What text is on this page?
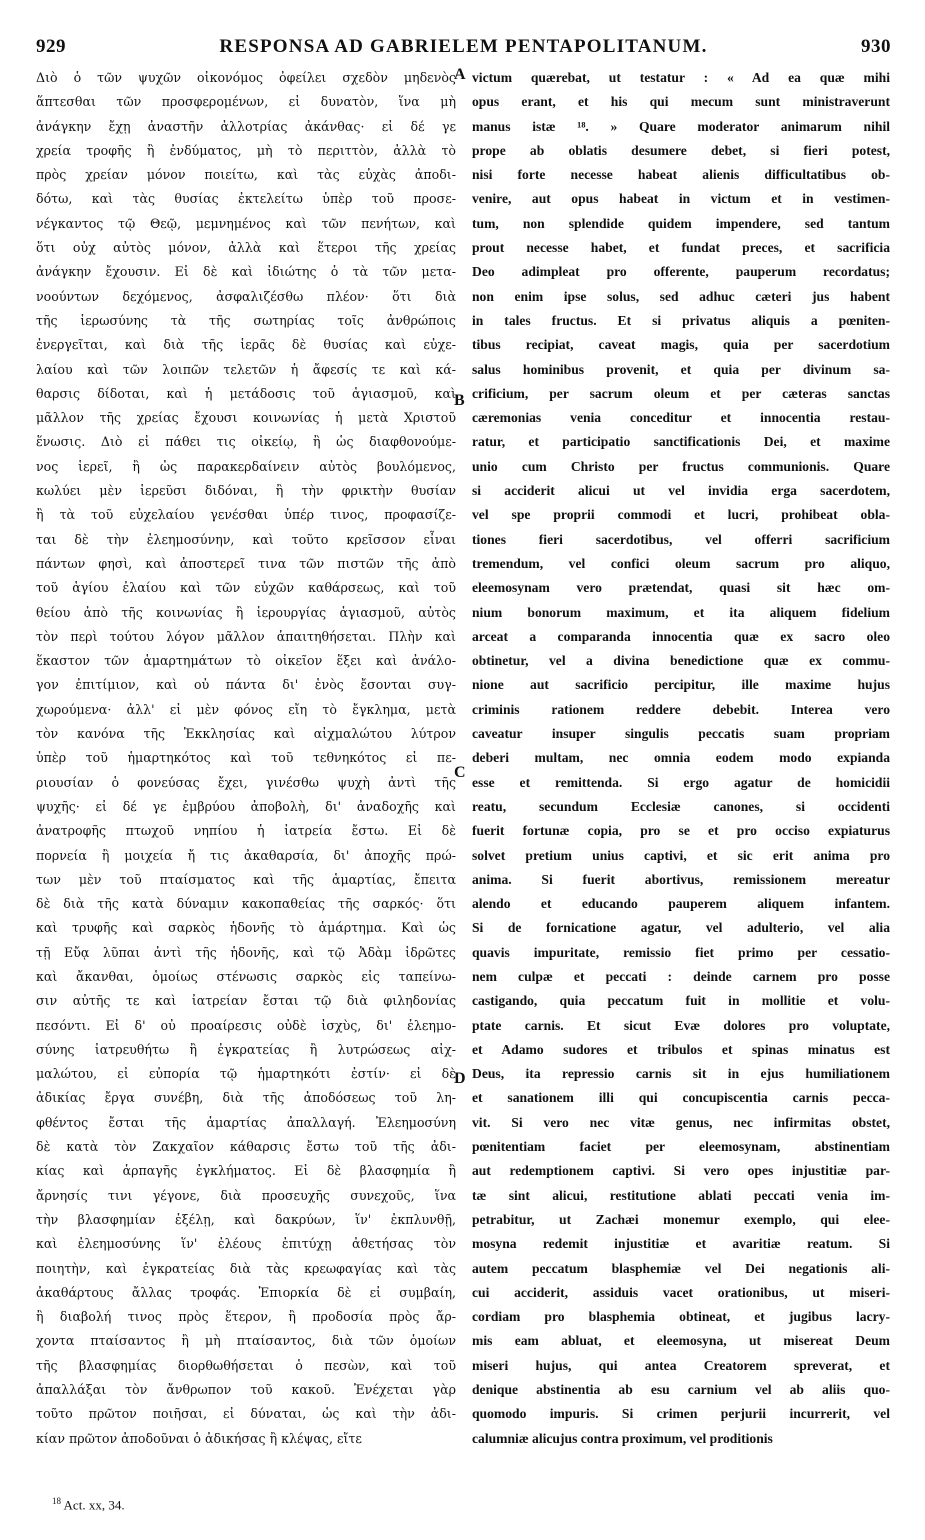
929	RESPONSA AD GABRIELEM PENTAPOLITANUM.	930
Διὸ ὁ τῶν ψυχῶν οἰκονόμος ὀφείλει σχεδὸν μηδενὸς
ἅπτεσθαι τῶν προσφερομένων, εἰ δυνατὸν, ἵνα μὴ
ἀνάγκην ἔχῃ ἀναστῆν ἀλλοτρίας ἀκάνθας· εἰ δέ γε
χρεία τροφῆς ἢ ἐνδύματος, μὴ τὸ περιττὸν, ἀλλὰ τὸ
πρὸς χρείαν μόνον ποιείτω, καὶ τὰς εὐχὰς ἀποδι-
δότω, καὶ τὰς θυσίας ἐκτελείτω ὑπὲρ τοῦ προσε-
νέγκαντος τῷ Θεῷ, μεμνημένος καὶ τῶν πενήτων, καὶ
ὅτι οὐχ αὐτὸς μόνον, ἀλλὰ καὶ ἕτεροι τῆς χρείας
ἀνάγκην ἔχουσιν. Εἰ δὲ καὶ ἰδιώτης ὁ τὰ τῶν μετα-
νοούντων δεχόμενος, ἀσφαλιζέσθω πλέον· ὅτι διὰ
τῆς ἱερωσύνης τὰ τῆς σωτηρίας τοῖς ἀνθρώποις
ἐνεργεῖται, καὶ διὰ τῆς ἱερᾶς δὲ θυσίας καὶ εὐχε-
λαίου καὶ τῶν λοιπῶν τελετῶν ἡ ἄφεσίς τε καὶ κά-
θαρσις δίδοται, καὶ ἡ μετάδοσις τοῦ ἁγιασμοῦ, καὶ
μᾶλλον τῆς χρείας ἔχουσι κοινωνίας ἡ μετὰ Χριστοῦ
ἕνωσις. Διὸ εἰ πάθει τις οἰκείῳ, ἢ ὡς διαφθονούμε-
νος ἱερεῖ, ἢ ὡς παρακερδαίνειν αὐτὸς βουλόμενος,
κωλύει μὲν ἱερεῦσι διδόναι, ἢ τὴν φρικτὴν θυσίαν
ἢ τὰ τοῦ εὐχελαίου γενέσθαι ὑπέρ τινος, προφασίζε-
ται δὲ τὴν ἐλεημοσύνην, καὶ τοῦτο κρεῖσσον εἶναι
πάντων φησὶ, καὶ ἀποστερεῖ τινα τῶν πιστῶν τῆς ἀπὸ
τοῦ ἁγίου ἐλαίου καὶ τῶν εὐχῶν καθάρσεως, καὶ τοῦ
θείου ἀπὸ τῆς κοινωνίας ἢ ἱερουργίας ἁγιασμοῦ, αὐτὸς
τὸν περὶ τούτου λόγον μᾶλλον ἀπαιτηθήσεται. Πλὴν καὶ
ἕκαστον τῶν ἁμαρτημάτων τὸ οἰκεῖον ἕξει καὶ ἀνάλο-
γον ἐπιτίμιον, καὶ οὐ πάντα δι' ἑνὸς ἔσονται συγ-
χωρούμενα· ἀλλ' εἰ μὲν φόνος εἴη τὸ ἔγκλημα, μετὰ
τὸν κανόνα τῆς Ἐκκλησίας καὶ αἰχμαλώτου λύτρον
ὑπὲρ τοῦ ἡμαρτηκότος καὶ τοῦ τεθνηκότος εἰ πε-
ριουσίαν ὁ φονεύσας ἔχει, γινέσθω ψυχὴ ἀντὶ τῆς
ψυχῆς· εἰ δέ γε ἐμβρύου ἀποβολὴ, δι' ἀναδοχῆς καὶ
ἀνατροφῆς πτωχοῦ νηπίου ἡ ἰατρεία ἔστω. Εἰ δὲ
πορνεία ἢ μοιχεία ἤ τις ἀκαθαρσία, δι' ἀποχῆς πρώ-
των μὲν τοῦ πταίσματος καὶ τῆς ἁμαρτίας, ἔπειτα
δὲ διὰ τῆς κατὰ δύναμιν κακοπαθείας τῆς σαρκός· ὅτι
καὶ τρυφῆς καὶ σαρκὸς ἡδονῆς τὸ ἁμάρτημα. Καὶ ὡς
τῇ Εὔᾳ λῦπαι ἀντὶ τῆς ἡδονῆς, καὶ τῷ Ἀδὰμ ἱδρῶτες
καὶ ἄκανθαι, ὁμοίως στένωσις σαρκὸς εἰς ταπείνω-
σιν αὐτῆς τε καὶ ἰατρείαν ἔσται τῷ διὰ φιληδονίας
πεσόντι. Εἰ δ' οὐ προαίρεσις οὐδὲ ἰσχὺς, δι' ἐλεημο-
σύνης ἰατρευθήτω ἢ ἐγκρατείας ἢ λυτρώσεως αἰχ-
μαλώτου, εἰ εὐπορία τῷ ἡμαρτηκότι ἐστίν· εἰ δὲ
ἀδικίας ἔργα συνέβη, διὰ τῆς ἀποδόσεως τοῦ λη-
φθέντος ἔσται τῆς ἁμαρτίας ἀπαλλαγή. Ἐλεημοσύνη
δὲ κατὰ τὸν Ζακχαῖον κάθαρσις ἔστω τοῦ τῆς ἀδι-
κίας καὶ ἁρπαγῆς ἐγκλήματος. Εἰ δὲ βλασφημία ἢ
ἄρνησίς τινι γέγονε, διὰ προσευχῆς συνεχοῦς, ἵνα
τὴν βλασφημίαν ἐξέλῃ, καὶ δακρύων, ἵν' ἐκπλυνθῇ,
καὶ ἐλεημοσύνης ἵν' ἐλέους ἐπιτύχῃ ἀθετήσας τὸν
ποιητὴν, καὶ ἐγκρατείας διὰ τὰς κρεωφαγίας καὶ τὰς
ἀκαθάρτους ἄλλας τροφάς. Ἐπιορκία δὲ εἰ συμβαίη,
ἢ διαβολή τινος πρὸς ἕτερον, ἢ προδοσία πρὸς ἄρ-
χοντα πταίσαντος ἢ μὴ πταίσαντος, διὰ τῶν ὁμοίων
τῆς βλασφημίας διορθωθήσεται ὁ πεσὼν, καὶ τοῦ
ἀπαλλάξαι τὸν ἄνθρωπον τοῦ κακοῦ. Ἐνέχεται γὰρ
τοῦτο πρῶτον ποιῆσαι, εἰ δύναται, ὡς καὶ τὴν ἀδι-
κίαν πρῶτον ἀποδοῦναι ὁ ἀδικήσας ἢ κλέψας, εἴτε
victum quærebat, ut testatur : « Ad ea quæ mihi
opus erant, et his qui mecum sunt ministraverunt
manus istæ ¹⁸. » Quare moderator animarum nihil
prope ab oblatis desumere debet, si fieri potest,
nisi forte necesse habeat alienis difficultatibus ob-
venire, aut opus habeat in victum et in vestimen-
tum, non splendide quidem impendere, sed tantum
prout necesse habet, et fundat preces, et sacrificia
Deo adimpleat pro offerente, pauperum recordatus;
non enim ipse solus, sed adhuc cæteri jus habent
in tales fructus. Et si privatus aliquis a pœniten-
tibus recipiat, caveat magis, quia per sacerdotium
salus hominibus provenit, et quia per divinum sa-
crificium, per sacrum oleum et per cæteras sanctas
cæremonias venia conceditur et innocentia restau-
ratur, et participatio sanctificationis Dei, et maxime
unio cum Christo per fructus communionis. Quare
si acciderit alicui ut vel invidia erga sacerdotem,
vel spe proprii commodi et lucri, prohibeat obla-
tiones fieri sacerdotibus, vel offerri sacrificium
tremendum, vel confici oleum sacrum pro aliquo,
eleemosynam vero prætendat, quasi sit hæc om-
nium bonorum maximum, et ita aliquem fidelium
arceat a comparanda innocentia quæ ex sacro oleo
obtinetur, vel a divina benedictione quæ ex commu-
nione aut sacrificio percipitur, ille maxime hujus
criminis rationem reddere debebit. Interea vero
caveatur insuper singulis peccatis suam propriam
deberi multam, nec omnia eodem modo expianda
esse et remittenda. Si ergo agatur de homicidii
reatu, secundum Ecclesiæ canones, si occidenti
fuerit fortunæ copia, pro se et pro occiso expiaturus
solvet pretium unius captivi, et sic erit anima pro
anima. Si fuerit abortivus, remissionem mereatur
alendo et educando pauperem aliquem infantem.
Si de fornicatione agatur, vel adulterio, vel alia
quavis impuritate, remissio fiet primo per cessatio-
nem culpæ et peccati : deinde carnem pro posse
castigando, quia peccatum fuit in mollitie et volu-
ptate carnis. Et sicut Evæ dolores pro voluptate,
et Adamo sudores et tribulos et spinas minatus est
Deus, ita repressio carnis sit in ejus humiliationem
et sanationem illi qui concupiscentia carnis pecca-
vit. Si vero nec vitæ genus, nec infirmitas obstet,
pœnitentiam faciet per eleemosynam, abstinentiam
aut redemptionem captivi. Si vero opes injustitiæ par-
tæ sint alicui, restitutione ablati peccati venia im-
petrabitur, ut Zachæi monemur exemplo, qui elee-
mosyna redemit injustitiæ et avaritiæ reatum. Si
autem peccatum blasphemiæ vel Dei negationis ali-
cui acciderit, assiduis vacet orationibus, ut miseri-
cordiam pro blasphemia obtineat, et jugibus lacry-
mis eam abluat, et eleemosyna, ut misereat Deum
miseri hujus, qui antea Creatorem spreverat, et
denique abstinentia ab esu carnium vel ab aliis quo-
quomodo impuris. Si crimen perjurii incurrerit, vel
calumniæ alicujus contra proximum, vel proditionis
A
B
C
D
$^{18}$ Act. xx, 34.
